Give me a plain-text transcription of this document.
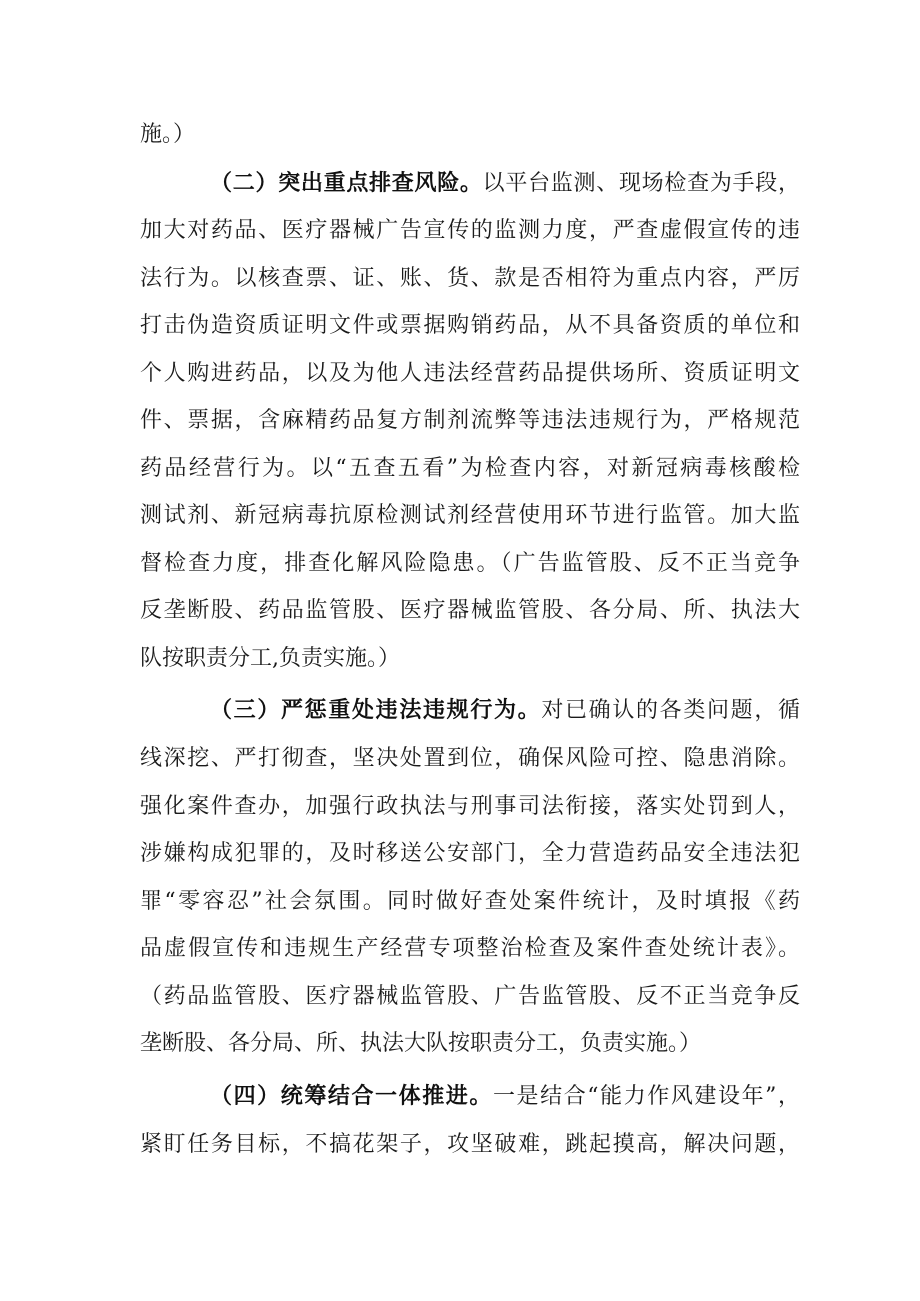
施。）
（二）突出重点排查风险。以平台监测、现场检查为手段，
加大对药品、医疗器械广告宣传的监测力度，严查虚假宣传的违
法行为。以核查票、证、账、货、款是否相符为重点内容，严厉
打击伪造资质证明文件或票据购销药品，从不具备资质的单位和
个人购进药品，以及为他人违法经营药品提供场所、资质证明文
件、票据，含麻精药品复方制剂流弊等违法违规行为，严格规范
药品经营行为。以“五查五看”为检查内容，对新冠病毒核酸检
测试剂、新冠病毒抗原检测试剂经营使用环节进行监管。加大监
督检查力度，排查化解风险隐患。（广告监管股、反不正当竞争
反垄断股、药品监管股、医疗器械监管股、各分局、所、执法大
队按职责分工,负责实施。）
（三）严惩重处违法违规行为。对已确认的各类问题，循
线深挖、严打彻查，坚决处置到位，确保风险可控、隐患消除。
强化案件查办，加强行政执法与刑事司法衔接，落实处罚到人，
涉嫌构成犯罪的，及时移送公安部门，全力营造药品安全违法犯
罪“零容忍”社会氛围。同时做好查处案件统计，及时填报《药
品虚假宣传和违规生产经营专项整治检查及案件查处统计表》。
（药品监管股、医疗器械监管股、广告监管股、反不正当竞争反
垄断股、各分局、所、执法大队按职责分工，负责实施。）
（四）统筹结合一体推进。一是结合“能力作风建设年”，
紧盯任务目标，不搞花架子，攻坚破难，跳起摸高，解决问题，
